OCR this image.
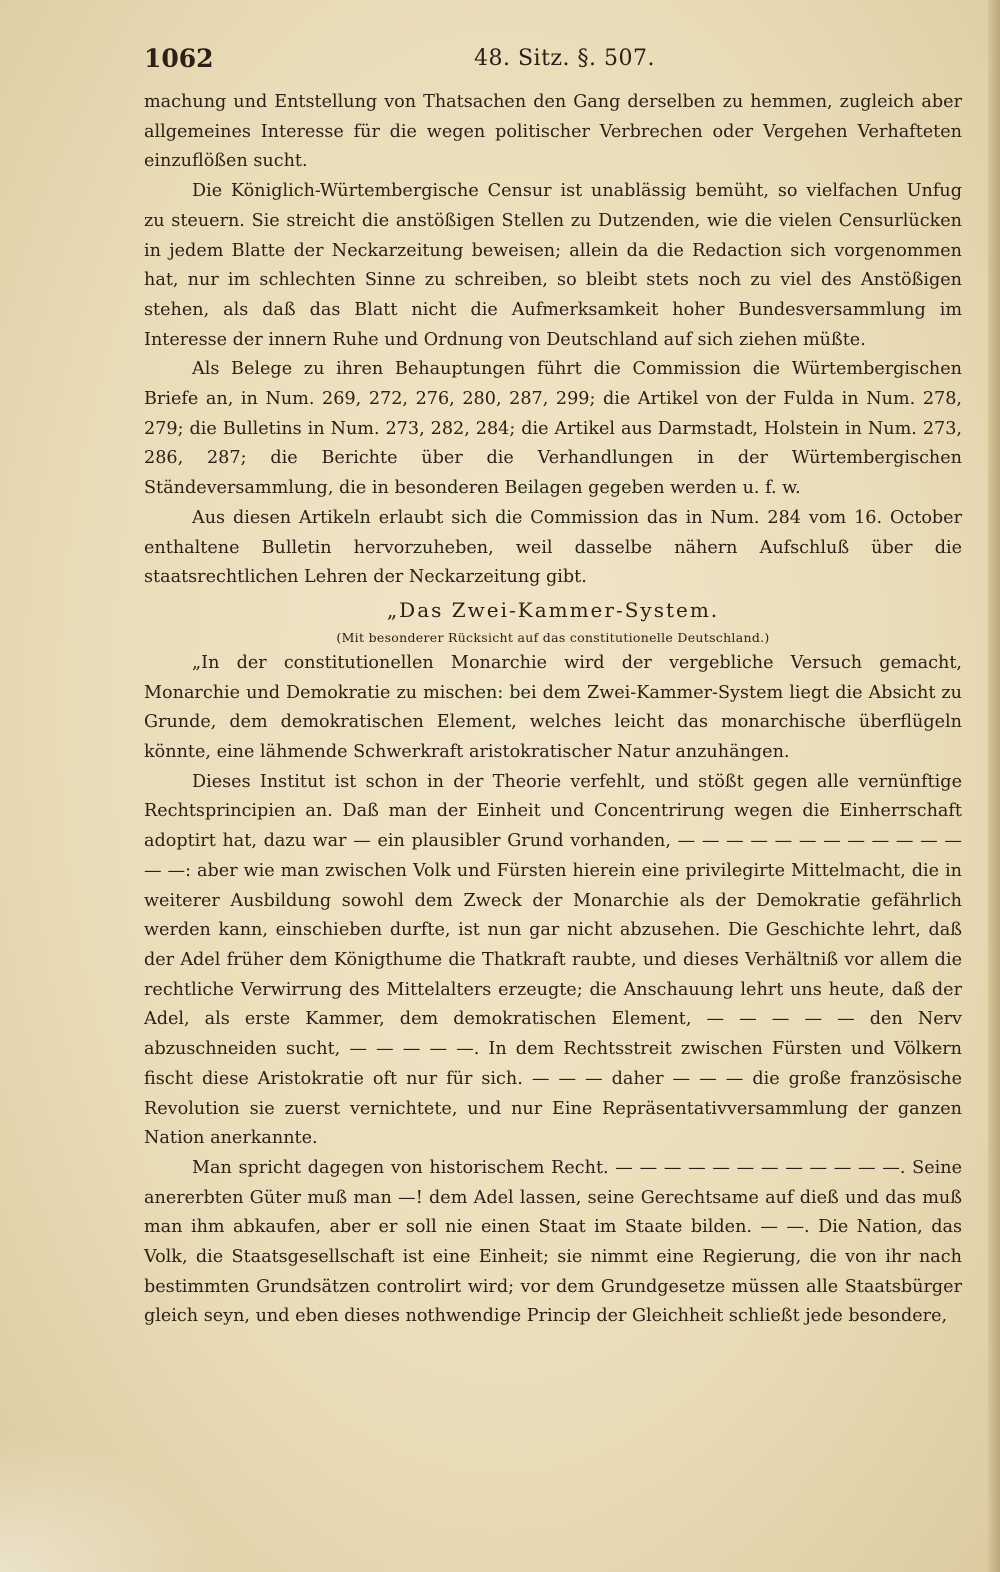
1062	48. Sitz. §. 507.

machung und Entstellung von Thatsachen den Gang derselben zu hemmen, zugleich aber allgemeines Interesse für die wegen politischer Verbrechen oder Vergehen Verhafteten einzuflößen sucht.

Die Königlich-Würtembergische Censur ist unablässig bemüht, so vielfachen Unfug zu steuern. Sie streicht die anstößigen Stellen zu Dutzenden, wie die vielen Censurlücken in jedem Blatte der Neckarzeitung beweisen; allein da die Redaction sich vorgenommen hat, nur im schlechten Sinne zu schreiben, so bleibt stets noch zu viel des Anstößigen stehen, als daß das Blatt nicht die Aufmerksamkeit hoher Bundesversammlung im Interesse der innern Ruhe und Ordnung von Deutschland auf sich ziehen müßte.

Als Belege zu ihren Behauptungen führt die Commission die Würtembergischen Briefe an, in Num. 269, 272, 276, 280, 287, 299; die Artikel von der Fulda in Num. 278, 279; die Bulletins in Num. 273, 282, 284; die Artikel aus Darmstadt, Holstein in Num. 273, 286, 287; die Berichte über die Verhandlungen in der Würtembergischen Ständeversammlung, die in besonderen Beilagen gegeben werden u. f. w.

Aus diesen Artikeln erlaubt sich die Commission das in Num. 284 vom 16. October enthaltene Bulletin hervorzuheben, weil dasselbe nähern Aufschluß über die staatsrechtlichen Lehren der Neckarzeitung gibt.

„Das Zwei-Kammer-System.

(Mit besonderer Rücksicht auf das constitutionelle Deutschland.)

„In der constitutionellen Monarchie wird der vergebliche Versuch gemacht, Monarchie und Demokratie zu mischen: bei dem Zwei-Kammer-System liegt die Absicht zu Grunde, dem demokratischen Element, welches leicht das monarchische überflügeln könnte, eine lähmende Schwerkraft aristokratischer Natur anzuhängen.

Dieses Institut ist schon in der Theorie verfehlt, und stößt gegen alle vernünftige Rechtsprincipien an. Daß man der Einheit und Concentrirung wegen die Einherrschaft adoptirt hat, dazu war — ein plausibler Grund vorhanden, — — — — — — — — — — — — — —: aber wie man zwischen Volk und Fürsten hierein eine privilegirte Mittelmacht, die in weiterer Ausbildung sowohl dem Zweck der Monarchie als der Demokratie gefährlich werden kann, einschieben durfte, ist nun gar nicht abzusehen. Die Geschichte lehrt, daß der Adel früher dem Königthume die Thatkraft raubte, und dieses Verhältniß vor allem die rechtliche Verwirrung des Mittelalters erzeugte; die Anschauung lehrt uns heute, daß der Adel, als erste Kammer, dem demokratischen Element, — — — — — den Nerv abzuschneiden sucht, — — — — —. In dem Rechtsstreit zwischen Fürsten und Völkern fischt diese Aristokratie oft nur für sich. — — — daher — — — die große französische Revolution sie zuerst vernichtete, und nur Eine Repräsentativversammlung der ganzen Nation anerkannte.

Man spricht dagegen von historischem Recht. — — — — — — — — — — — —. Seine anererbten Güter muß man —! dem Adel lassen, seine Gerechtsame auf dieß und das muß man ihm abkaufen, aber er soll nie einen Staat im Staate bilden. — —. Die Nation, das Volk, die Staatsgesellschaft ist eine Einheit; sie nimmt eine Regierung, die von ihr nach bestimmten Grundsätzen controlirt wird; vor dem Grundgesetze müssen alle Staatsbürger gleich seyn, und eben dieses nothwendige Princip der Gleichheit schließt jede besondere,
